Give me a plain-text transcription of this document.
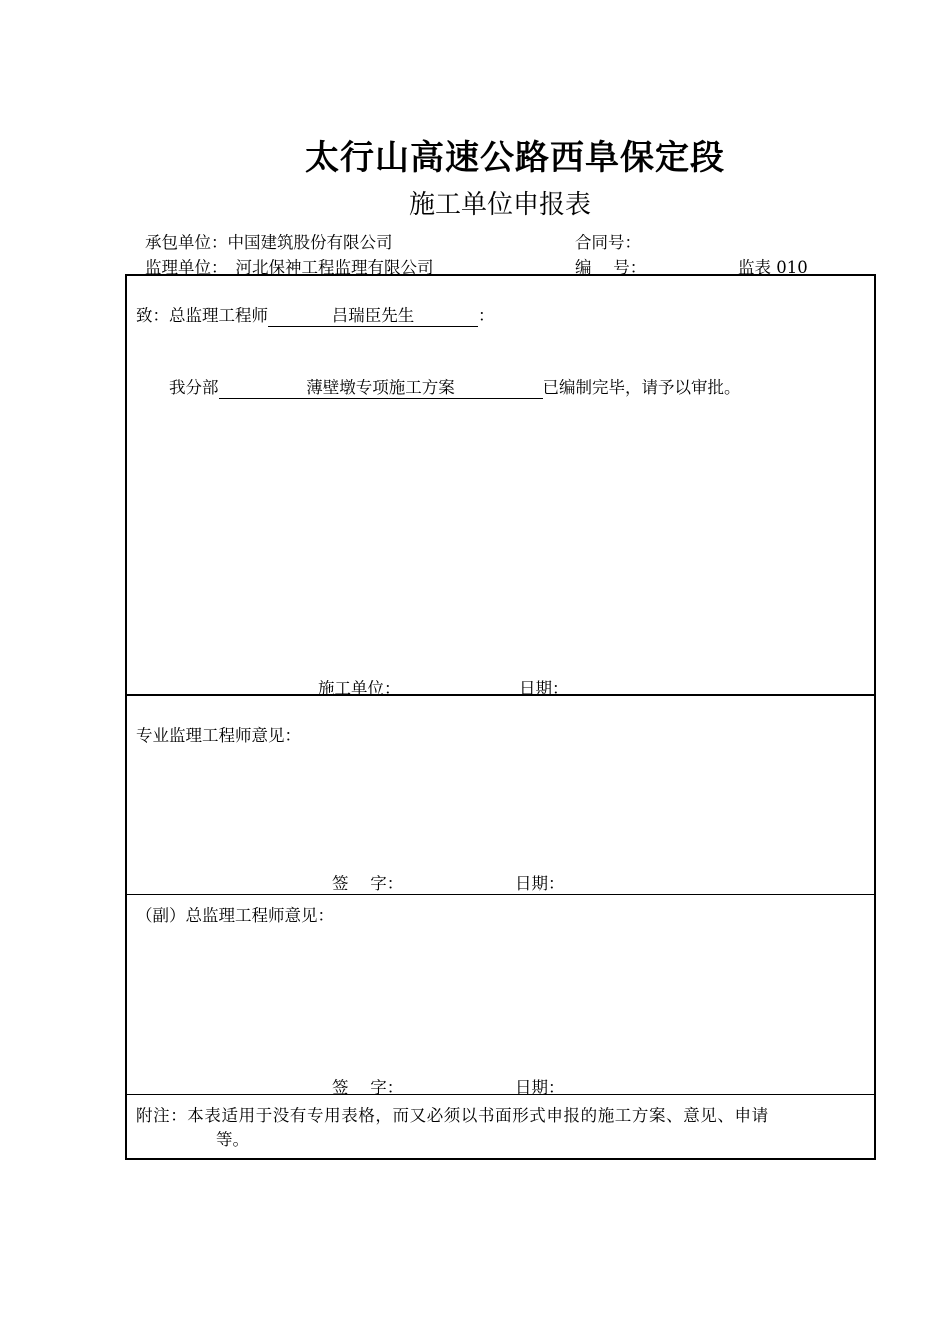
太行山高速公路西阜保定段
施工单位申报表
承包单位：中国建筑股份有限公司	合同号：
监理单位： 河北保神工程监理有限公司	编　 号：	监表 010
致：总监理工程师	吕瑞臣先生	：
我分部	薄壁墩专项施工方案	已编制完毕，请予以审批。
施工单位：	日期：
专业监理工程师意见：
签　 字：	日期：
（副）总监理工程师意见：
签　 字：	日期：
附注：本表适用于没有专用表格，而又必须以书面形式申报的施工方案、意见、申请
等。
